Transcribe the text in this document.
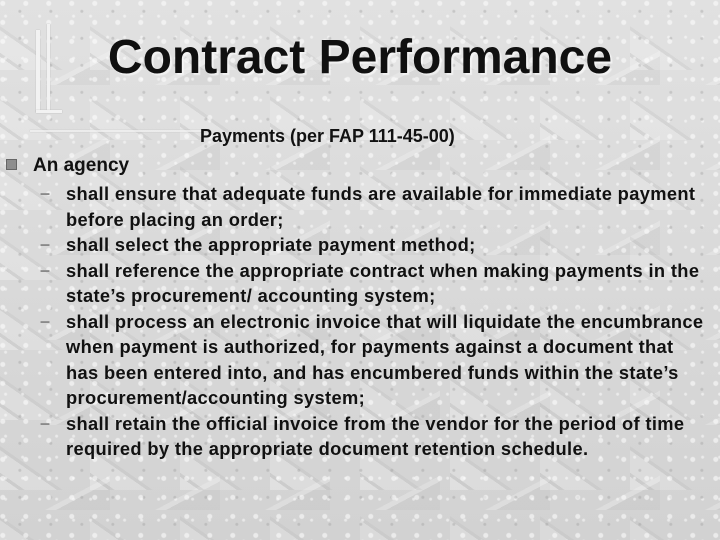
Contract Performance
Payments (per FAP 111-45-00)
An agency
– shall ensure that adequate funds are available for immediate payment before placing an order;
– shall select the appropriate payment method;
– shall reference the appropriate contract when making payments in the state’s procurement/ accounting system;
– shall process an electronic invoice that will liquidate the encumbrance when payment is authorized, for payments against a document that has been entered into, and has encumbered funds within the state’s procurement/accounting system;
– shall retain the official invoice from the vendor for the period of time required by the appropriate document retention schedule.
